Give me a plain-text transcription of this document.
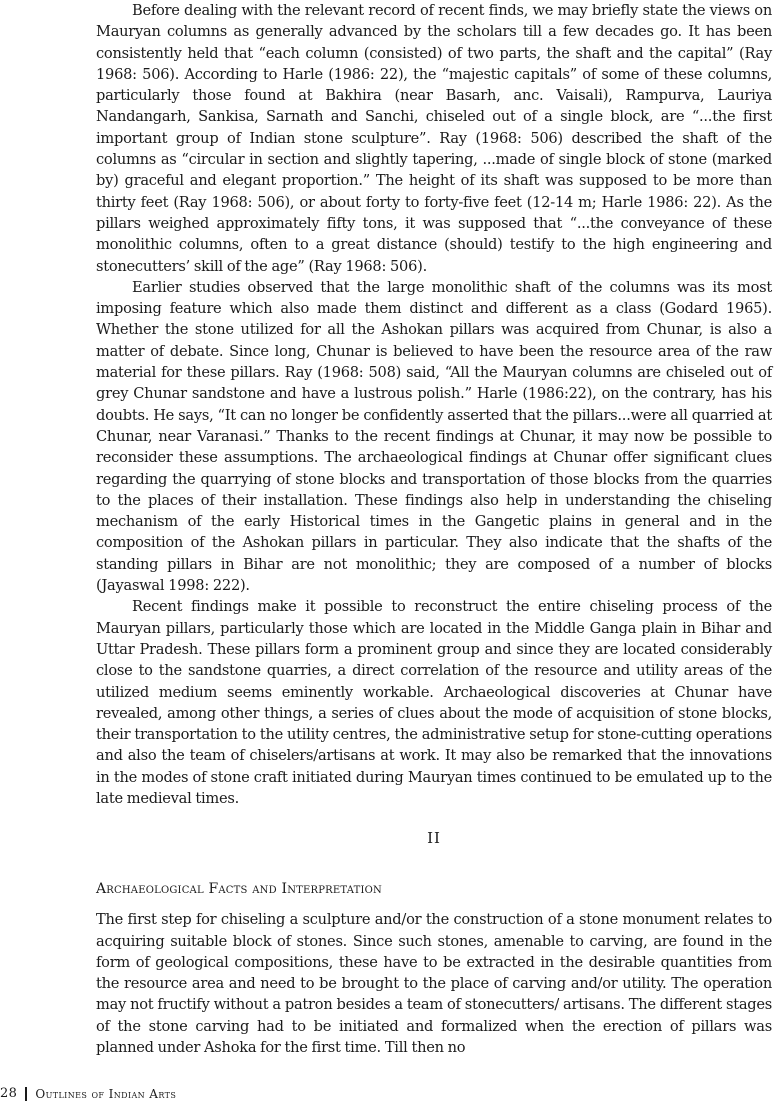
Before dealing with the relevant record of recent finds, we may briefly state the views on Mauryan columns as generally advanced by the scholars till a few decades go. It has been consistently held that “each column (consisted) of two parts, the shaft and the capital” (Ray 1968: 506). According to Harle (1986: 22), the “majestic capitals” of some of these columns, particularly those found at Bakhira (near Basarh, anc. Vaisali), Rampurva, Lauriya Nandangarh, Sankisa, Sarnath and Sanchi, chiseled out of a single block, are “...the first important group of Indian stone sculpture”. Ray (1968: 506) described the shaft of the columns as “circular in section and slightly tapering, ...made of single block of stone (marked by) graceful and elegant proportion.” The height of its shaft was supposed to be more than thirty feet (Ray 1968: 506), or about forty to forty-five feet (12-14 m; Harle 1986: 22). As the pillars weighed approximately fifty tons, it was supposed that “...the conveyance of these monolithic columns, often to a great distance (should) testify to the high engineering and stonecutters’ skill of the age” (Ray 1968: 506).

Earlier studies observed that the large monolithic shaft of the columns was its most imposing feature which also made them distinct and different as a class (Godard 1965). Whether the stone utilized for all the Ashokan pillars was acquired from Chunar, is also a matter of debate. Since long, Chunar is believed to have been the resource area of the raw material for these pillars. Ray (1968: 508) said, “All the Mauryan columns are chiseled out of grey Chunar sandstone and have a lustrous polish.” Harle (1986:22), on the contrary, has his doubts. He says, “It can no longer be confidently asserted that the pillars...were all quarried at Chunar, near Varanasi.” Thanks to the recent findings at Chunar, it may now be possible to reconsider these assumptions. The archaeological findings at Chunar offer significant clues regarding the quarrying of stone blocks and transportation of those blocks from the quarries to the places of their installation. These findings also help in understanding the chiseling mechanism of the early Historical times in the Gangetic plains in general and in the composition of the Ashokan pillars in particular. They also indicate that the shafts of the standing pillars in Bihar are not monolithic; they are composed of a number of blocks (Jayaswal 1998: 222).

Recent findings make it possible to reconstruct the entire chiseling process of the Mauryan pillars, particularly those which are located in the Middle Ganga plain in Bihar and Uttar Pradesh. These pillars form a prominent group and since they are located considerably close to the sandstone quarries, a direct correlation of the resource and utility areas of the utilized medium seems eminently workable. Archaeological discoveries at Chunar have revealed, among other things, a series of clues about the mode of acquisition of stone blocks, their transportation to the utility centres, the administrative setup for stone-cutting operations and also the team of chiselers/artisans at work. It may also be remarked that the innovations in the modes of stone craft initiated during Mauryan times continued to be emulated up to the late medieval times.

II
Archaeological Facts and Interpretation

The first step for chiseling a sculpture and/or the construction of a stone monument relates to acquiring suitable block of stones. Since such stones, amenable to carving, are found in the form of geological compositions, these have to be extracted in the desirable quantities from the resource area and need to be brought to the place of carving and/or utility. The operation may not fructify without a patron besides a team of stonecutters/ artisans. The different stages of the stone carving had to be initiated and formalized when the erection of pillars was planned under Ashoka for the first time. Till then no

28 Outlines of Indian Arts
